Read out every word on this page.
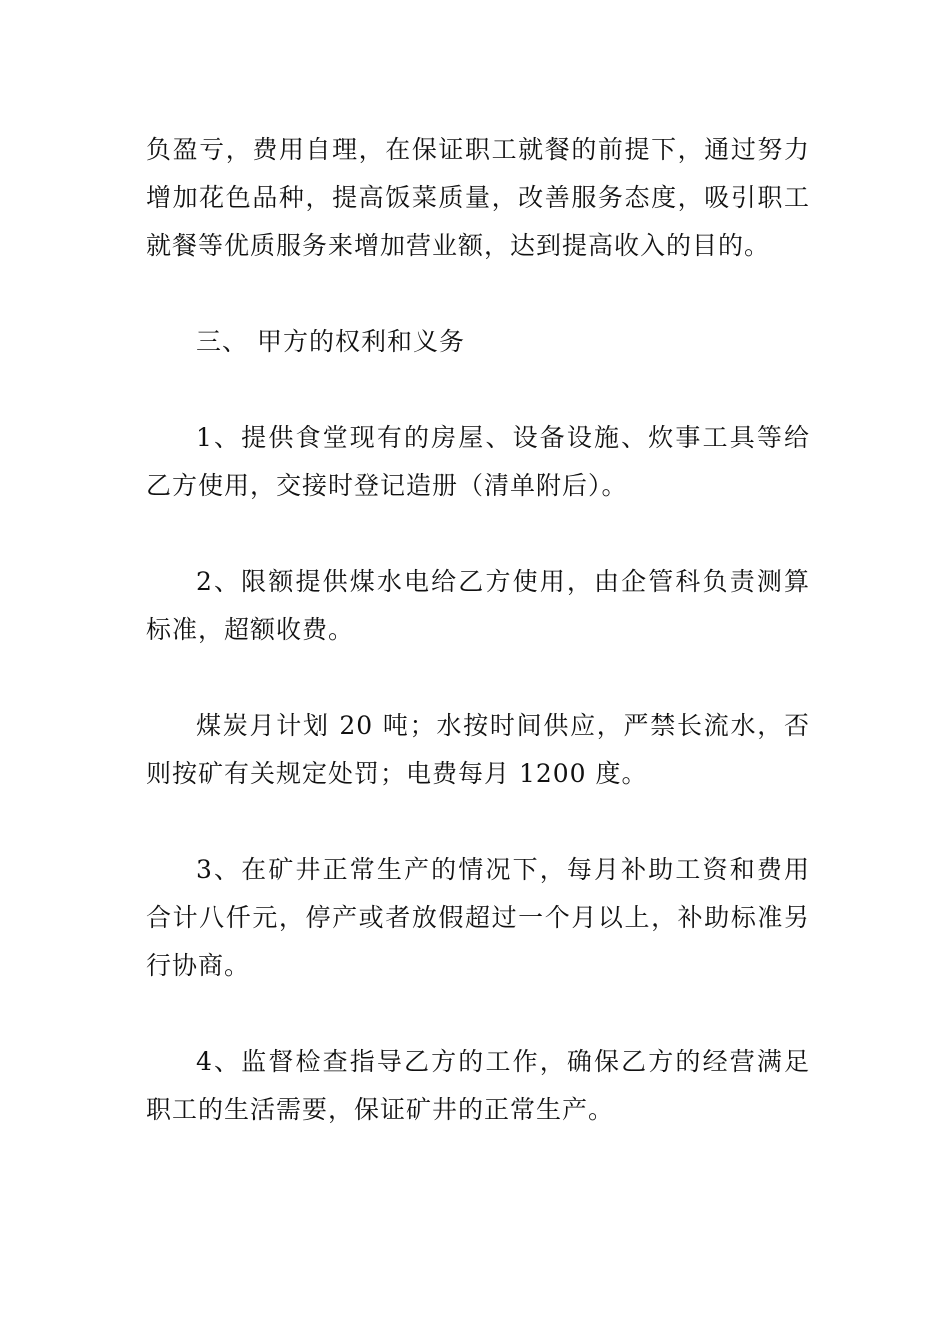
负盈亏，费用自理，在保证职工就餐的前提下，通过努力增加花色品种，提高饭菜质量，改善服务态度，吸引职工就餐等优质服务来增加营业额，达到提高收入的目的。

三、 甲方的权利和义务

1、提供食堂现有的房屋、设备设施、炊事工具等给乙方使用，交接时登记造册（清单附后）。

2、限额提供煤水电给乙方使用，由企管科负责测算标准，超额收费。

煤炭月计划 20 吨；水按时间供应，严禁长流水，否则按矿有关规定处罚；电费每月 1200 度。

3、在矿井正常生产的情况下，每月补助工资和费用合计八仟元，停产或者放假超过一个月以上，补助标准另行协商。

4、监督检查指导乙方的工作，确保乙方的经营满足职工的生活需要，保证矿井的正常生产。
